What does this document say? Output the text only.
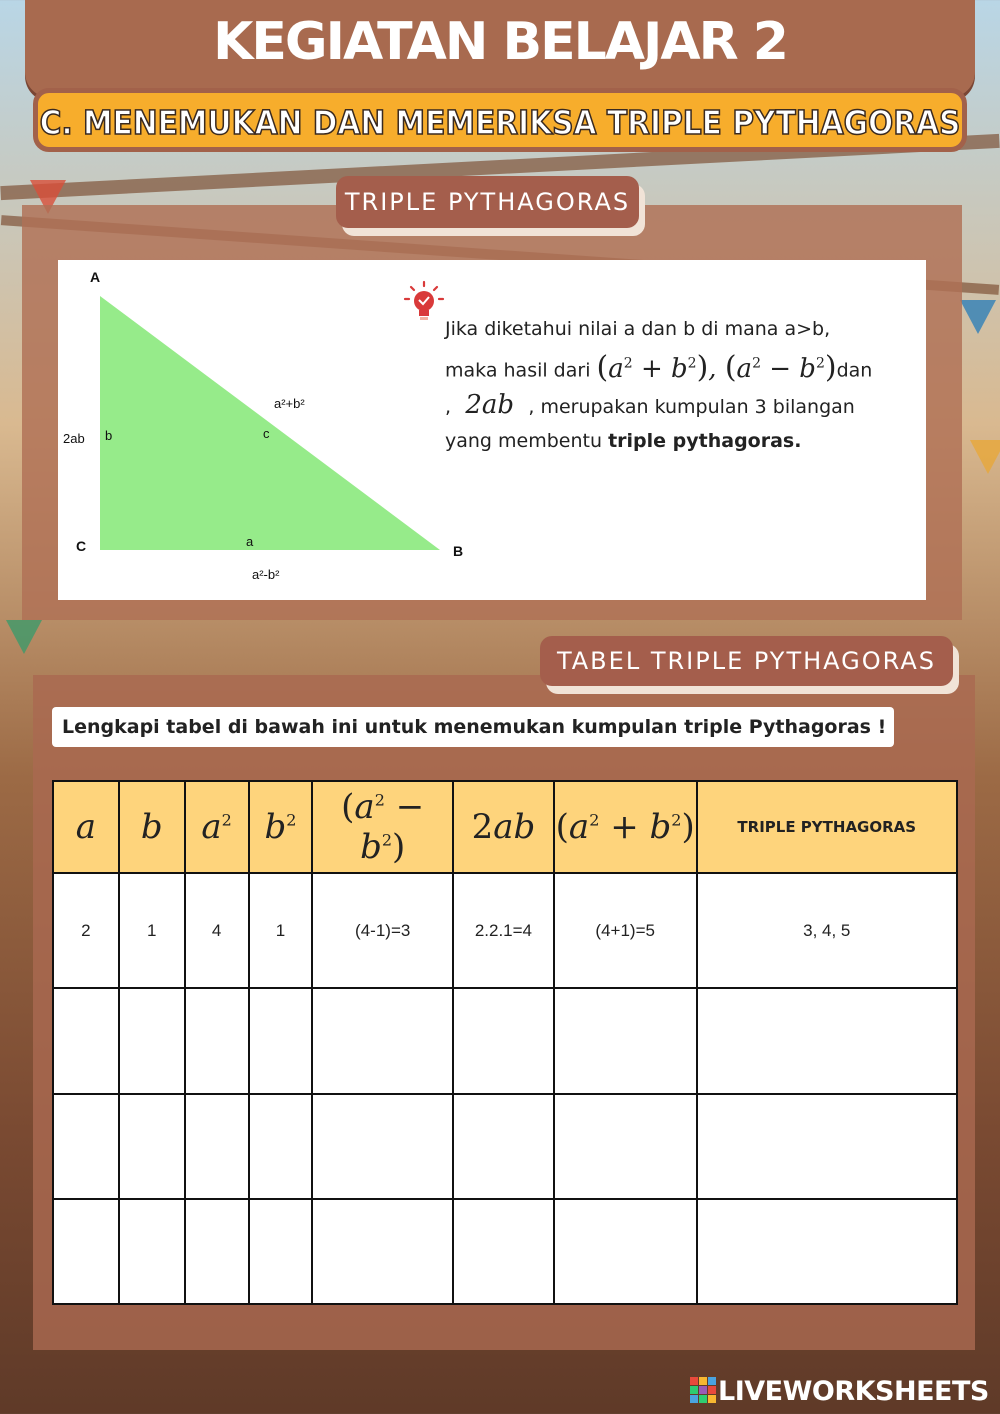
KEGIATAN BELAJAR 2
C. MENEMUKAN DAN MEMERIKSA TRIPLE PYTHAGORAS
TRIPLE PYTHAGORAS
A
B
C
2ab b
a²+b²
c
a
a²-b²
Jika diketahui nilai a dan b di mana a>b,
maka hasil dari $(a^2 + b^2)$, $(a^2 - b^2)dan$
,  2ab  , merupakan kumpulan 3 bilangan
yang membentu triple pythagoras.
TABEL TRIPLE PYTHAGORAS
Lengkapi tabel di bawah ini untuk menemukan kumpulan triple Pythagoras !
a	b	$a^2$	$b^2$	$(a^2 - b^2)$	2ab	$(a^2 + b^2)$	TRIPLE PYTHAGORAS
2	1	4	1	(4-1)=3	2.2.1=4	(4+1)=5	3, 4, 5

LIVEWORKSHEETS
